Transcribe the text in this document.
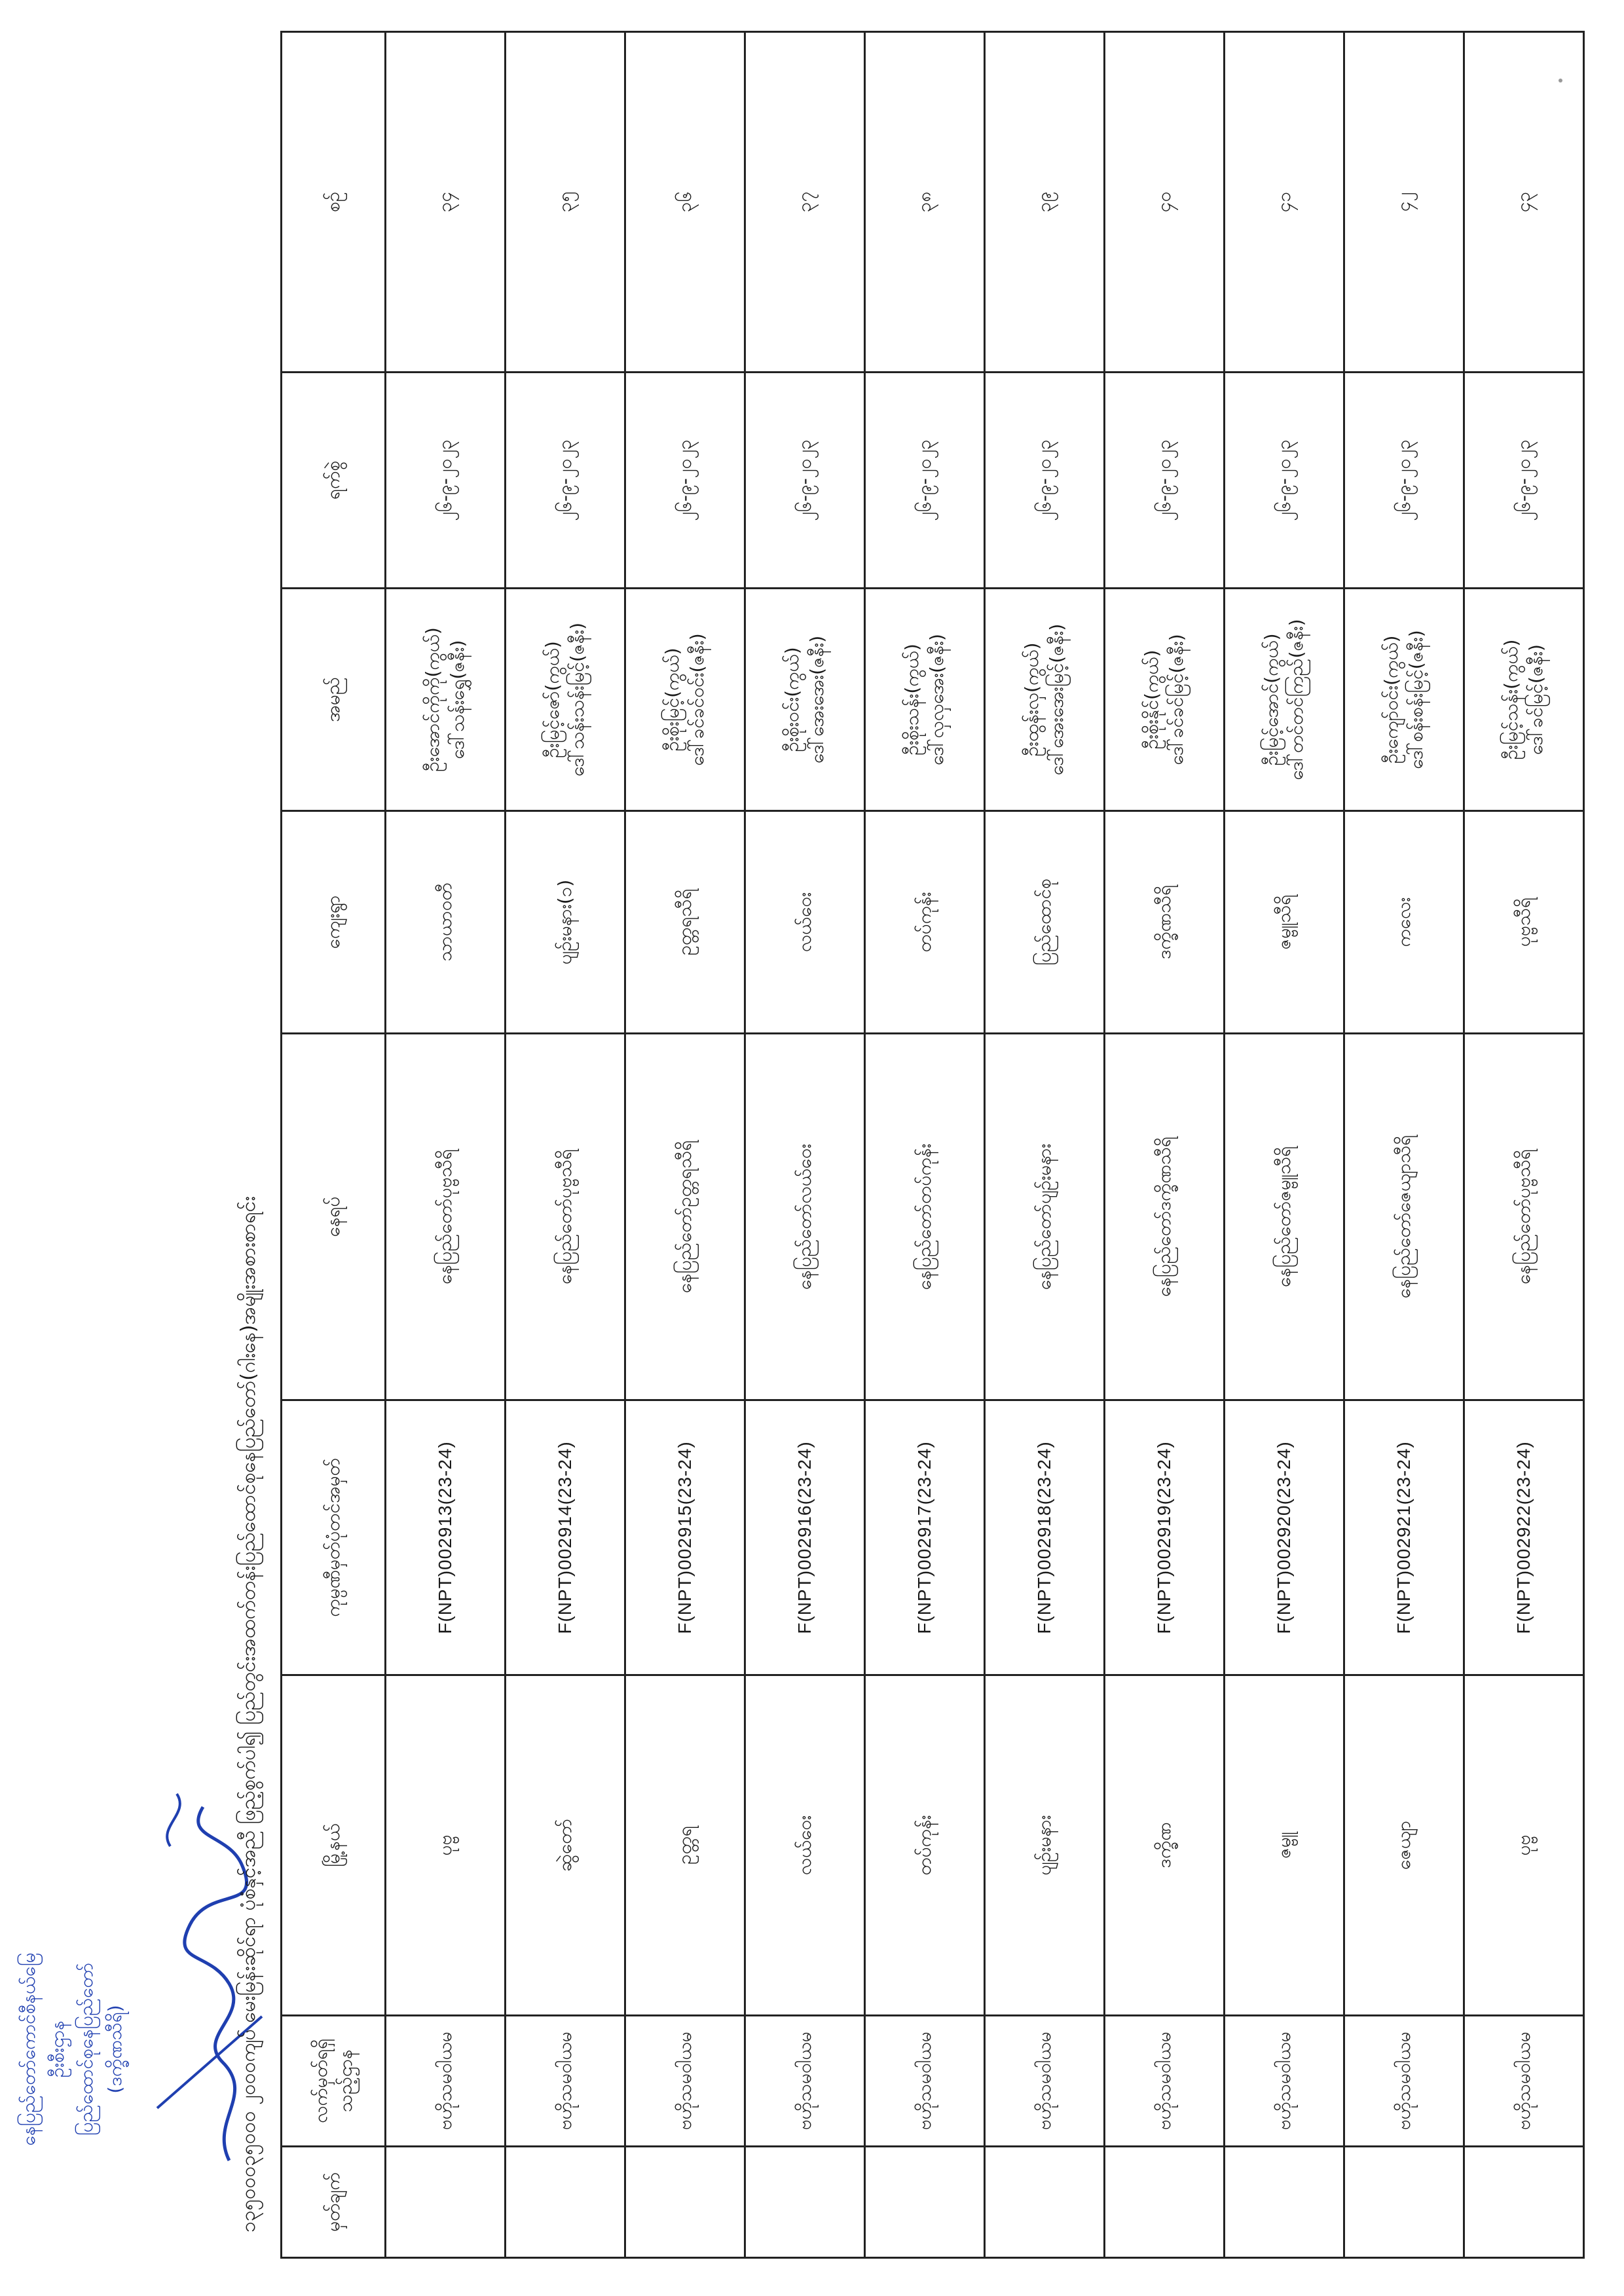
နေပြည်တော်ကောင်စီနယ်မြေ ဦးစီးဌာန ပြည်ထောင်စုနေပြည်တော် (ဒက္ခိဏသီရိ)	၁၃၅၀၀၀၃၅၀၀၀ ၂၀၀၀ကျပ် မေးမြန်းဆိုင်ရာ ပုံစံနှင့်အညီ ဖြည့်စွက်ပါ၍ ပြည်တွင်းအထက်တန်းပြည်ထောင်စုနေပြည်တော်(ဂါးနေ)အမျိုးအစားစာရင်း	မှတ်ချက်	လက်မှတ်ရရှိသည့်ဌာန	မြို့နယ်	ကုမ္ပဏီမှတ်ပုံတင်အမှတ်	နေရပ်	ကျေးရွာ	အမည်	ရက်စွဲ	စဉ်
	ဗဟိုသမဝါယမ	ပုဗ္ဗ	F(NPT)002913(23-24)	နေပြည်တော်ပုဗ္ဗသီရိ	သာယာဝတီ	ဦးအောင်ကိုကို(ကွယ်)
ဒေါ်သန်းရွှေ(ဇနီး)	၂၆-၉-၂၀၂၃	၃၄
	ဗဟိုသမဝါယမ	ဆွဲတော်	F(NPT)002914(23-24)	နေပြည်တော်ပုဗ္ဗသီရိ	ပျဉ်းမနား(၁)	ဦးမြင့်ဇော်(ကွယ်)
ဒေါ်သန်းသန်းမြင့်(ဇနီး)	၂၆-၉-၂၀၂၃	၃၅
	ဗဟိုသမဝါယမ	ဥတ္တရ	F(NPT)002915(23-24)	နေပြည်တော်ဥတ္တရသီရိ	ဥတ္တရသီရိ	ဦးစိုးမြင့်(ကွယ်)
ဒေါ်ခင်ခင်ဝင်း(ဇနီး)	၂၆-၉-၂၀၂၃	၃၆
	ဗဟိုသမဝါယမ	လယ်ဝေး	F(NPT)002916(23-24)	နေပြည်တော်လယ်ဝေး	လယ်ဝေး	ဦးစိုးဝင်း(ကွယ်)
ဒေါ်အေးအေး(ဇနီး)	၂၆-၉-၂၀၂၃	၃၇
	ဗဟိုသမဝါယမ	တပ်ကုန်း	F(NPT)002917(23-24)	နေပြည်တော်တပ်ကုန်း	တပ်ကုန်း	ဦးစိုးသန်း(ကွယ်)
ဒေါ်လှလှအေး(ဇနီး)	၂၆-၉-၂၀၂၃	၃၈
	ဗဟိုသမဝါယမ	ပျဉ်းမနား	F(NPT)002918(23-24)	နေပြည်တော်ပျဉ်းမနား	ပြည်ထောင်စု	ဦးထွန်းလှ(ကွယ်)
ဒေါ်အေးအေးမြင့်(ဇနီး)	၂၆-၉-၂၀၂၃	၃၉
	ဗဟိုသမဝါယမ	ဒက္ခိဏ	F(NPT)002919(23-24)	နေပြည်တော်ဒက္ခိဏသီရိ	ဒက္ခိဏသီရိ	ဦးစိုးနိုင်(ကွယ်)
ဒေါ်ခင်ခင်မြင့်(ဇနီး)	၂၆-၉-၂၀၂၃	၄၀
	ဗဟိုသမဝါယမ	ဇမ္ဗူ	F(NPT)002920(23-24)	နေပြည်တော်ဇမ္ဗူသီရိ	ဇမ္ဗူသီရိ	ဦးမြင့်အောင်(ကွယ်)
ဒေါ်တင်တင်ကြည်(ဇနီး)	၂၆-၉-၂၀၂၃	၄၁
	ဗဟိုသမဝါယမ	ဇေယျာ	F(NPT)002921(23-24)	နေပြည်တော်ဇေယျာသီရိ	ကလေး	ဦးကျော်ဝင်း(ကွယ်)
ဒေါ်စန်းစန်းမြင့်(ဇနီး)	၂၆-၉-၂၀၂၃	၄၂
	ဗဟိုသမဝါယမ	ပုဗ္ဗ	F(NPT)002922(23-24)	နေပြည်တော်ပုဗ္ဗသီရိ	ပုဗ္ဗသီရိ	ဦးမြင့်သန်း(ကွယ်)
ဒေါ်ခင်မြင့်(ဇနီး)	၂၆-၉-၂၀၂၃	၄၃
